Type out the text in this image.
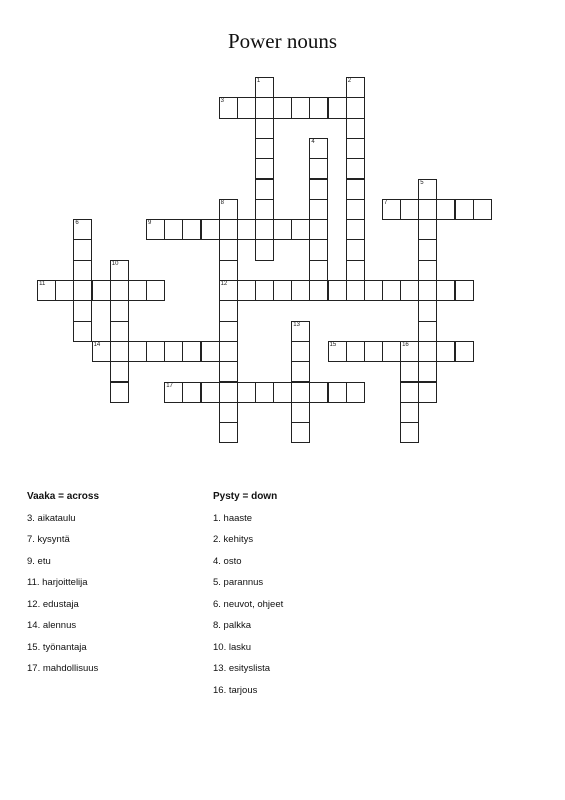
Power nouns
1	2
3
4
5
6
7
8
12
9
10
11
13
14	15	16
17
Vaaka = across
3. aikataulu
7. kysyntä
9. etu
11. harjoittelija
12. edustaja
14. alennus
15. työnantaja
17. mahdollisuus
Pysty = down
1. haaste
2. kehitys
4. osto
5. parannus
6. neuvot, ohjeet
8. palkka
10. lasku
13. esityslista
16. tarjous
